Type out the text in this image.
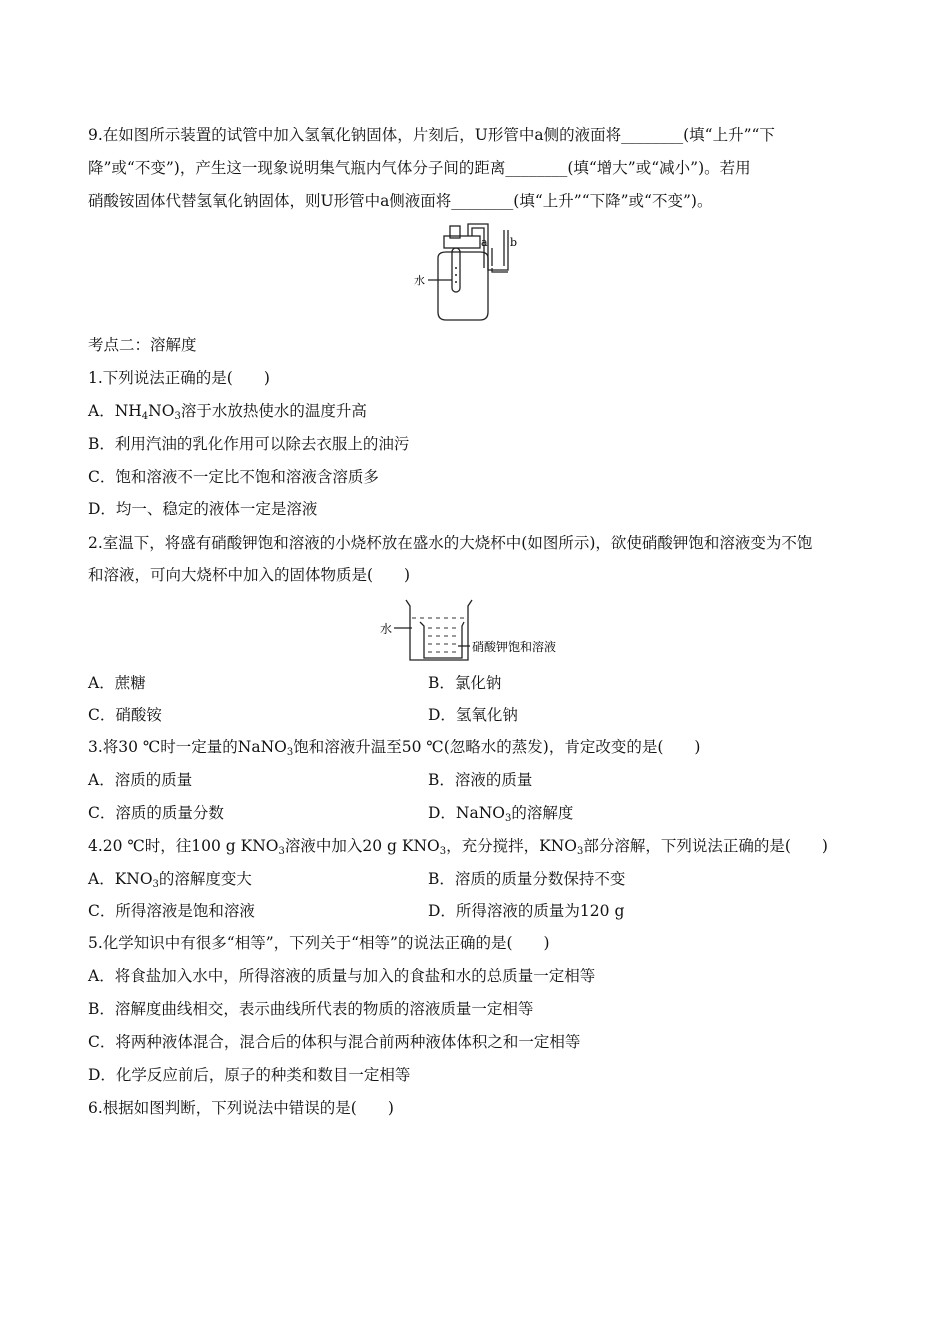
9.在如图所示装置的试管中加入氢氧化钠固体，片刻后，U形管中a侧的液面将________(填“上升”“下
降”或“不变”)，产生这一现象说明集气瓶内气体分子间的距离________(填“增大”或“减小”)。若用
硝酸铵固体代替氢氧化钠固体，则U形管中a侧液面将________(填“上升”“下降”或“不变”)。
水
a b
考点二：溶解度
1.下列说法正确的是(　　)
A．$NH_4NO_3$溶于水放热使水的温度升高
B．利用汽油的乳化作用可以除去衣服上的油污
C．饱和溶液不一定比不饱和溶液含溶质多
D．均一、稳定的液体一定是溶液
2.室温下，将盛有硝酸钾饱和溶液的小烧杯放在盛水的大烧杯中(如图所示)，欲使硝酸钾饱和溶液变为不饱
和溶液，可向大烧杯中加入的固体物质是(　　)
水
硝酸钾饱和溶液
A．蔗糖	B．氯化钠
C．硝酸铵	D．氢氧化钠
3.将30 ℃时一定量的NaNO$_3$饱和溶液升温至50 ℃(忽略水的蒸发)，肯定改变的是(　　)
A．溶质的质量	B．溶液的质量
C．溶质的质量分数	D．NaNO$_3$的溶解度
4.20 ℃时，往100 g $KNO_3$溶液中加入20 g $KNO_3$，充分搅拌，$KNO_3$部分溶解，下列说法正确的是(　　)
A．$KNO_3$的溶解度变大	B．溶质的质量分数保持不变
C．所得溶液是饱和溶液	D．所得溶液的质量为120 g
5.化学知识中有很多“相等”，下列关于“相等”的说法正确的是(　　)
A．将食盐加入水中，所得溶液的质量与加入的食盐和水的总质量一定相等
B．溶解度曲线相交，表示曲线所代表的物质的溶液质量一定相等
C．将两种液体混合，混合后的体积与混合前两种液体体积之和一定相等
D．化学反应前后，原子的种类和数目一定相等
6.根据如图判断，下列说法中错误的是(　　)
